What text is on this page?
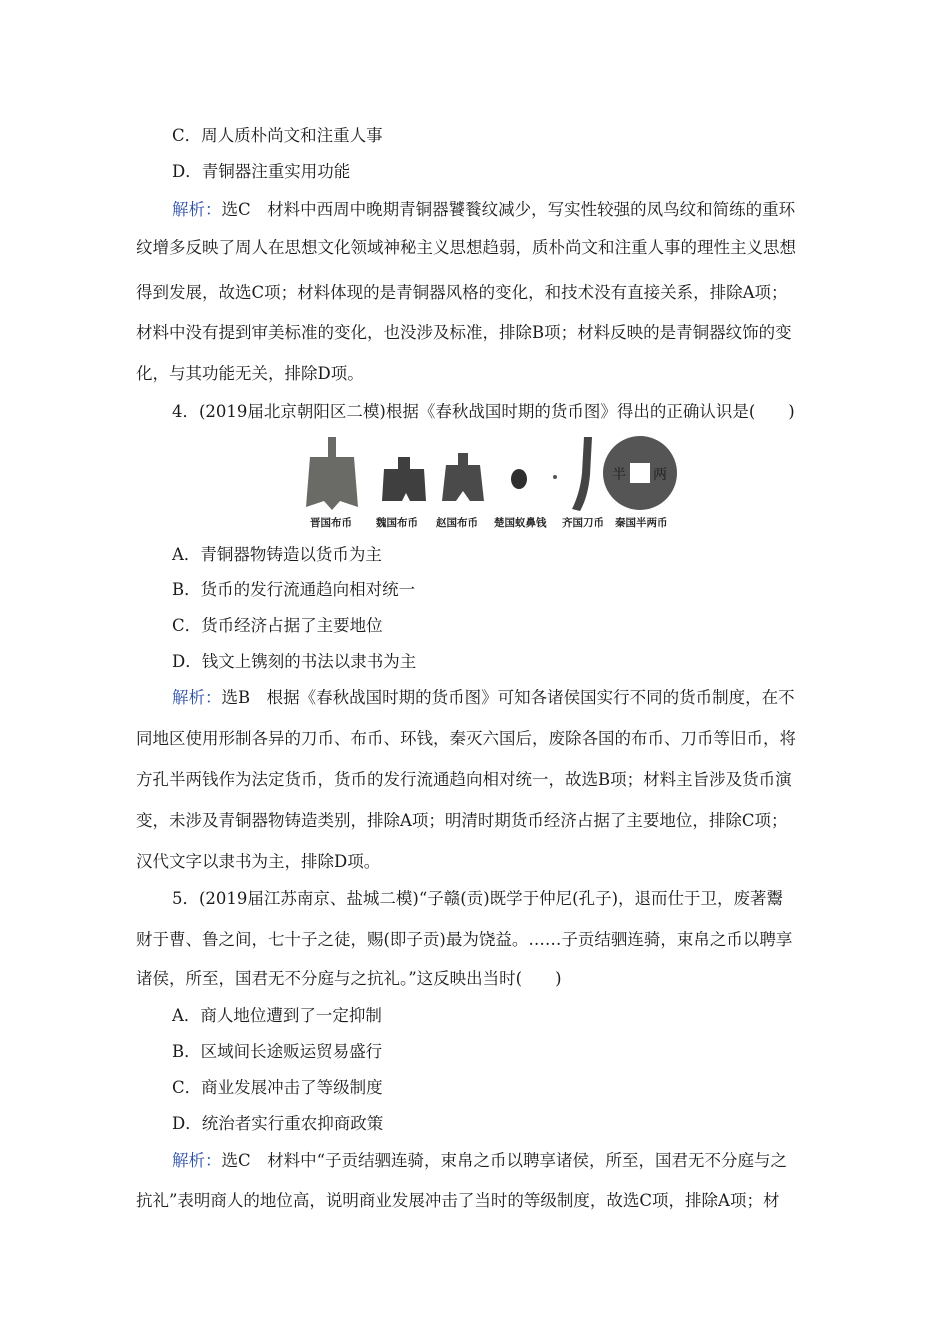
C．周人质朴尚文和注重人事
D．青铜器注重实用功能
解析：选C　材料中西周中晚期青铜器饕餮纹减少，写实性较强的凤鸟纹和简练的重环
纹增多反映了周人在思想文化领域神秘主义思想趋弱，质朴尚文和注重人事的理性主义思想
得到发展，故选C项；材料体现的是青铜器风格的变化，和技术没有直接关系，排除A项；
材料中没有提到审美标准的变化，也没涉及标准，排除B项；材料反映的是青铜器纹饰的变
化，与其功能无关，排除D项。
4．(2019届北京朝阳区二模)根据《春秋战国时期的货币图》得出的正确认识是(　　)
半 两
晋国布币 魏国布币 赵国布币 楚国蚁鼻钱 齐国刀币 秦国半两币
A．青铜器物铸造以货币为主
B．货币的发行流通趋向相对统一
C．货币经济占据了主要地位
D．钱文上镌刻的书法以隶书为主
解析：选B　根据《春秋战国时期的货币图》可知各诸侯国实行不同的货币制度，在不
同地区使用形制各异的刀币、布币、环钱，秦灭六国后，废除各国的布币、刀币等旧币，将
方孔半两钱作为法定货币，货币的发行流通趋向相对统一，故选B项；材料主旨涉及货币演
变，未涉及青铜器物铸造类别，排除A项；明清时期货币经济占据了主要地位，排除C项；
汉代文字以隶书为主，排除D项。
5．(2019届江苏南京、盐城二模)“子赣(贡)既学于仲尼(孔子)，退而仕于卫，废著鬻
财于曹、鲁之间，七十子之徒，赐(即子贡)最为饶益。……子贡结驷连骑，束帛之币以聘享
诸侯，所至，国君无不分庭与之抗礼。”这反映出当时(　　)
A．商人地位遭到了一定抑制
B．区域间长途贩运贸易盛行
C．商业发展冲击了等级制度
D．统治者实行重农抑商政策
解析：选C　材料中“子贡结驷连骑，束帛之币以聘享诸侯，所至，国君无不分庭与之
抗礼”表明商人的地位高，说明商业发展冲击了当时的等级制度，故选C项，排除A项；材
